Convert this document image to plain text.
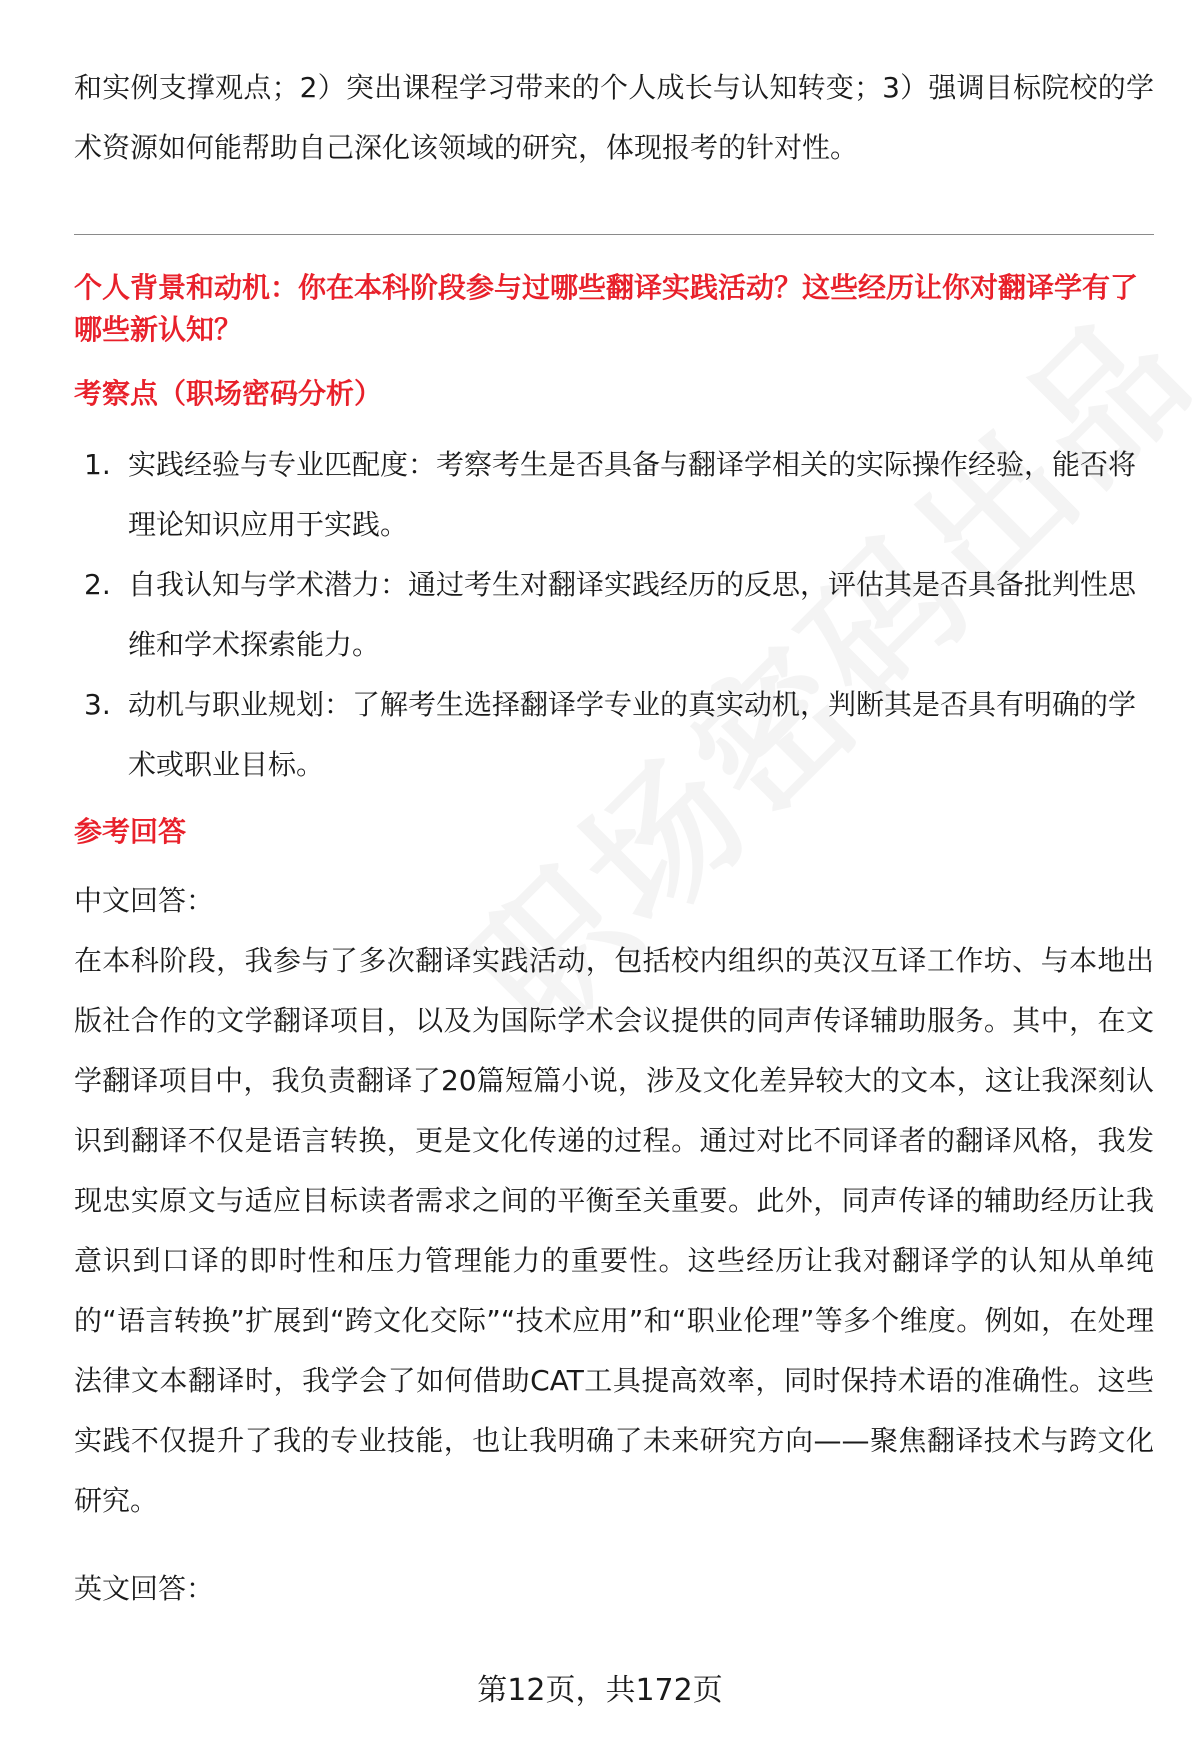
和实例支撑观点；2）突出课程学习带来的个人成长与认知转变；3）强调目标院校的学术资源如何能帮助自己深化该领域的研究，体现报考的针对性。

个人背景和动机：你在本科阶段参与过哪些翻译实践活动？这些经历让你对翻译学有了哪些新认知？

考察点（职场密码分析）

1. 实践经验与专业匹配度：考察考生是否具备与翻译学相关的实际操作经验，能否将理论知识应用于实践。
2. 自我认知与学术潜力：通过考生对翻译实践经历的反思，评估其是否具备批判性思维和学术探索能力。
3. 动机与职业规划：了解考生选择翻译学专业的真实动机，判断其是否具有明确的学术或职业目标。

参考回答

中文回答：

在本科阶段，我参与了多次翻译实践活动，包括校内组织的英汉互译工作坊、与本地出版社合作的文学翻译项目，以及为国际学术会议提供的同声传译辅助服务。其中，在文学翻译项目中，我负责翻译了20篇短篇小说，涉及文化差异较大的文本，这让我深刻认识到翻译不仅是语言转换，更是文化传递的过程。通过对比不同译者的翻译风格，我发现忠实原文与适应目标读者需求之间的平衡至关重要。此外，同声传译的辅助经历让我意识到口译的即时性和压力管理能力的重要性。这些经历让我对翻译学的认知从单纯的“语言转换”扩展到“跨文化交际”“技术应用”和“职业伦理”等多个维度。例如，在处理法律文本翻译时，我学会了如何借助CAT工具提高效率，同时保持术语的准确性。这些实践不仅提升了我的专业技能，也让我明确了未来研究方向——聚焦翻译技术与跨文化研究。

英文回答：

第12页，共172页
